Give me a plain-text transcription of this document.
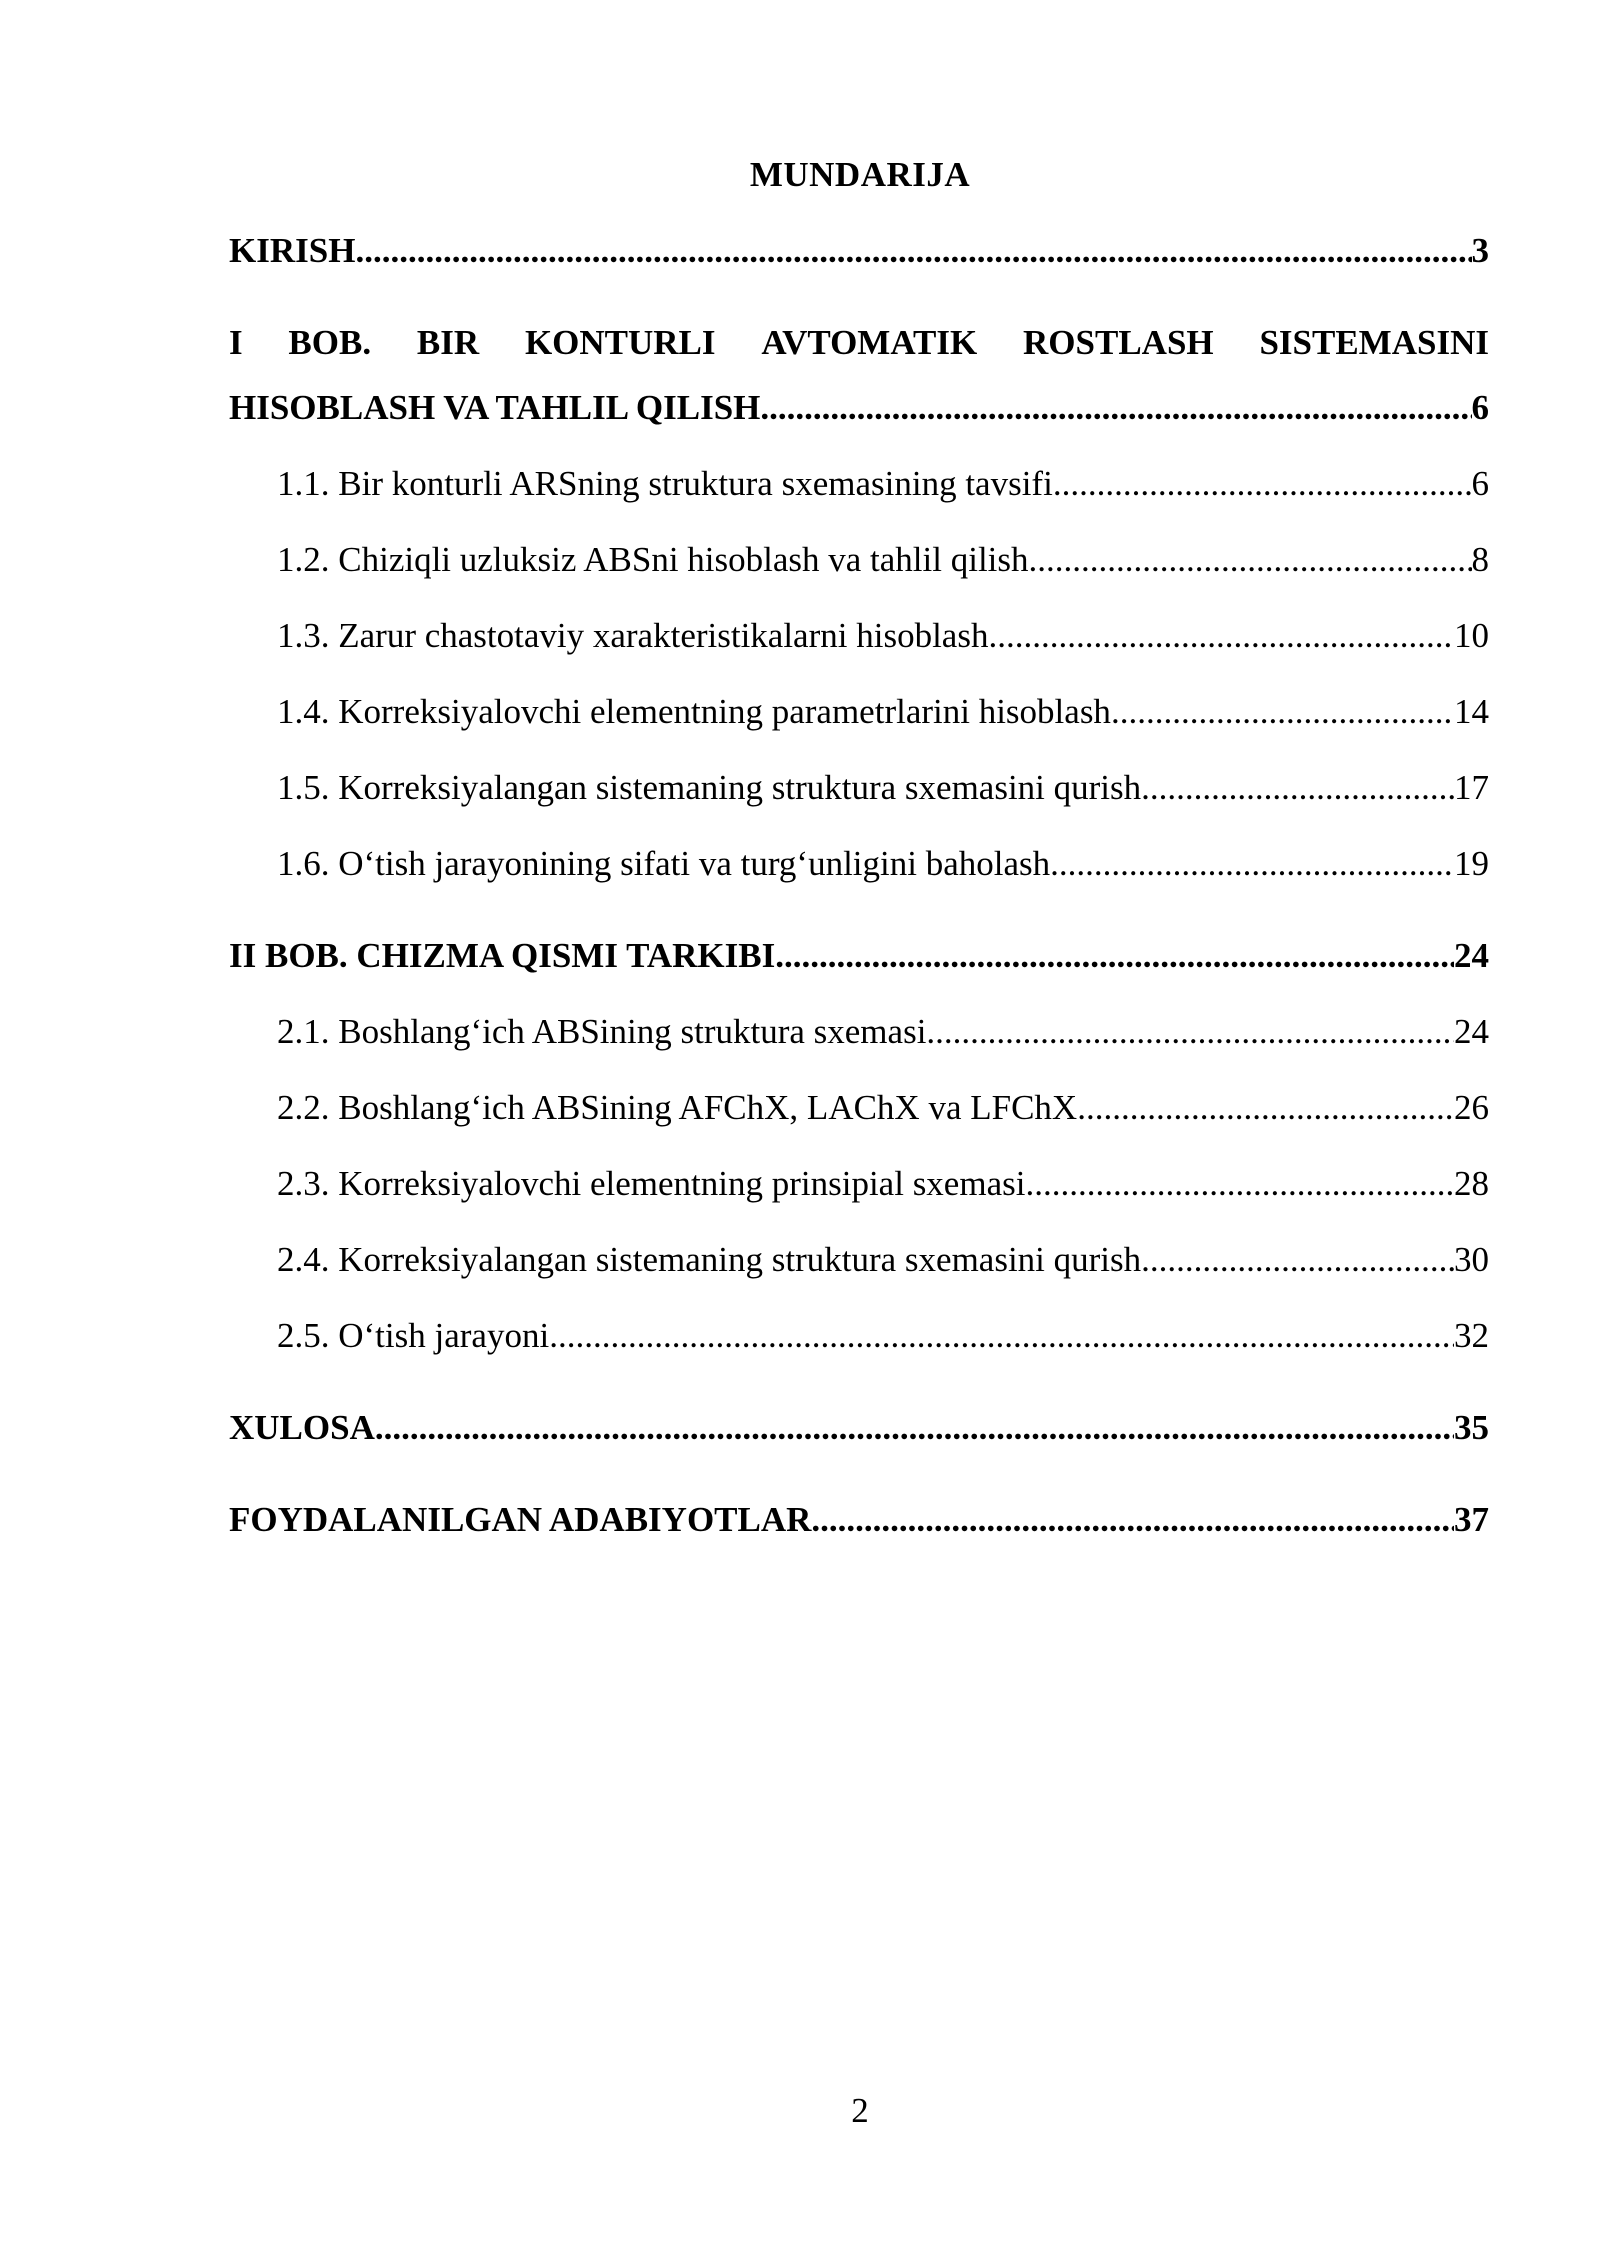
MUNDARIJA
KIRISH .....	3
I BOB. BIR KONTURLI AVTOMATIK ROSTLASH SISTEMASINI
HISOBLASH VA TAHLIL QILISH .....	6
1.1. Bir konturli ARSning struktura sxemasining tavsifi .....	6
1.2. Chiziqli uzluksiz ABSni hisoblash va tahlil qilish .....	8
1.3. Zarur chastotaviy xarakteristikalarni hisoblash .....	10
1.4. Korreksiyalovchi elementning parametrlarini hisoblash .....	14
1.5. Korreksiyalangan sistemaning struktura sxemasini qurish .....	17
1.6. O‘tish jarayonining sifati va turg‘unligini baholash .....	19
II BOB. CHIZMA QISMI TARKIBI .....	24
2.1. Boshlang‘ich ABSining struktura sxemasi .....	24
2.2. Boshlang‘ich ABSining AFChX, LAChX va LFChX .....	26
2.3. Korreksiyalovchi elementning prinsipial sxemasi .....	28
2.4. Korreksiyalangan sistemaning struktura sxemasini qurish .....	30
2.5. O‘tish jarayoni .....	32
XULOSA .....	35
FOYDALANILGAN ADABIYOTLAR .....	37
2
